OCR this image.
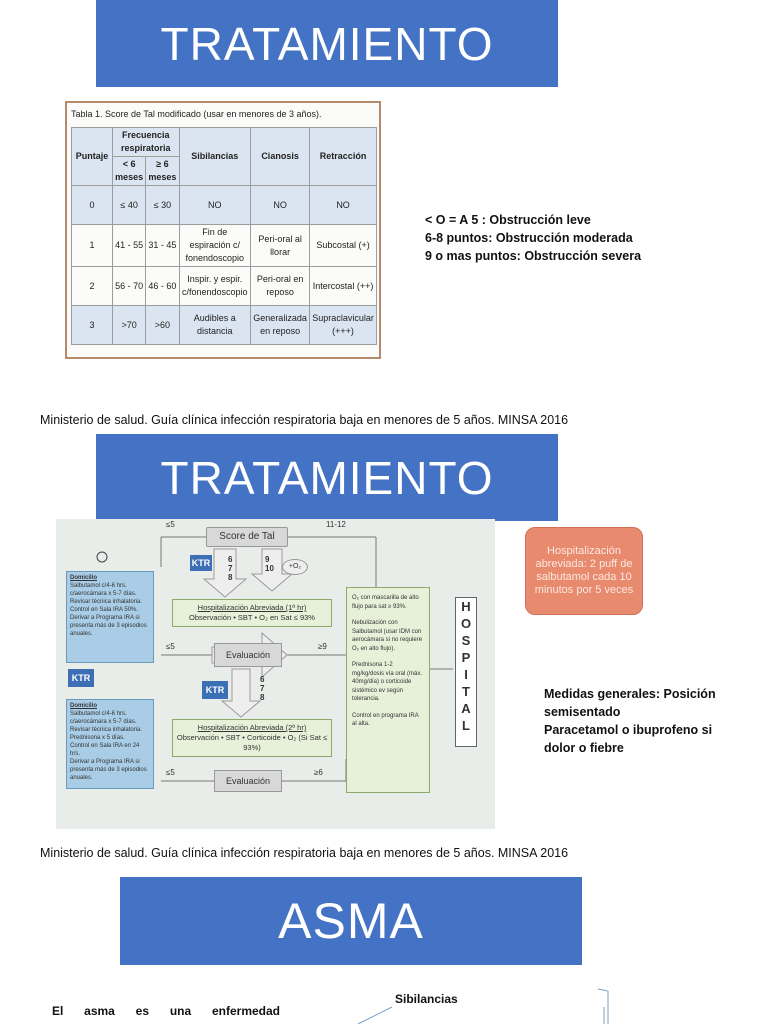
TRATAMIENTO
Tabla 1. Score de Tal modificado (usar en menores de 3 años).
Puntaje	Frecuencia respiratoria		Sibilancias	Cianosis	Retracción
	< 6 meses	≥ 6 meses			
0	≤ 40	≤ 30	NO	NO	NO
1	41 - 55	31 - 45	Fin de espiración c/ fonendoscopio	Peri-oral al llorar	Subcostal (+)
2	56 - 70	46 - 60	Inspir. y espir. c/fonendoscopio	Peri-oral en reposo	Intercostal (++)
3	>70	>60	Audibles a distancia	Generalizada en reposo	Supraclavicular (+++)
< O = A 5 : Obstrucción leve
6-8 puntos: Obstrucción moderada
9 o mas puntos: Obstrucción severa
Ministerio de salud. Guía clínica infección respiratoria baja en menores de 5 años. MINSA 2016
TRATAMIENTO
Score de Tal
≤5	11-12
KTR 6
7
8
9
10	+O₂
Domicilio
Salbutamol c/4-6 hrs. c/aerocámara x 5-7 días.
Revisar técnica inhalatoria.
Control en Sala IRA 50%.
Derivar a Programa IRA si presenta más de 3 episodios anuales.
Hospitalización Abreviada (1ª hr)
Observación • SBT • O₂ en Sat ≤ 93%
≤5
Evaluación
≥9
KTR
KTR
6
7
8
Domicilio
Salbutamol c/4-6 hrs. c/aerocámara x 5-7 días.
Revisar técnica inhalatoria.
Prednisona x 5 días.
Control en Sala IRA en 24 hrs.
Derivar a Programa IRA si presenta más de 3 episodios anuales.
Hospitalización Abreviada (2ª hr)
Observación • SBT • Corticoide • O₂ (Si Sat ≤ 93%)
≤5
Evaluación
≥6
O₂ con mascarilla de alto flujo para sat ≥ 93%.
Nebulización con Salbutamol (usar IDM con aerocámara si no requiere O₂ en alto flujo).
Prednisona 1-2 mg/kg/dosis vía oral (máx. 40mg/día) o corticoide sistémico ev según tolerancia.
Control en programa IRA al alta.
H
O
S
P
I
T
A
L
Hospitalización abreviada: 2 puff de salbutamol cada 10 minutos por 5 veces
Medidas generales: Posición semisentado
Paracetamol o ibuprofeno si dolor o fiebre
Ministerio de salud. Guía clínica infección respiratoria baja en menores de 5 años. MINSA 2016
ASMA
El asma es una enfermedad
Sibilancias
